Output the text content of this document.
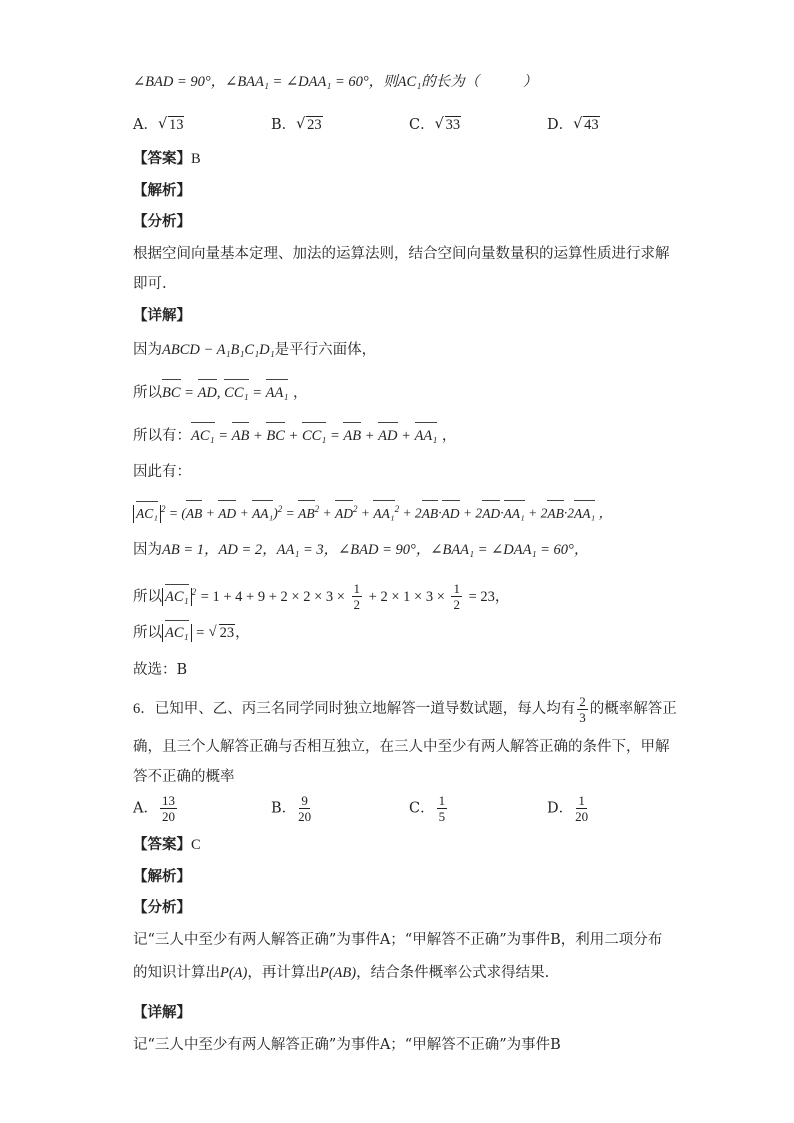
∠BAD = 90°，∠BAA₁ = ∠DAA₁ = 60°，则AC₁的长为（　　　）
A． √ 13	B． √ 23	C． √ 33	D． √ 43
【答案】B
【解析】
【分析】
根据空间向量基本定理、加法的运算法则，结合空间向量数量积的运算性质进行求解
即可.
【详解】
因为ABCD − A₁B₁C₁D₁是平行六面体，
所以BC = AD, CC₁ = AA₁ ，
所以有：AC₁ = AB + BC + CC₁ = AB + AD + AA₁ ，
因此有：
AC₁ $^2$ = (AB + AD + $AA_1)^2 = AB^2 + AD^2 + AA_1^2 + 2AB\cdot AD + 2AD\cdot AA_1 + 2AB\cdot 2AA_1$ ，
因为AB = 1，AD = 2，AA₁ = 3，∠BAD = 90°，∠BAA₁ = ∠DAA₁ = 60°，
所以 AC₁ $^2 = 1 + 4 + 9 + 2 \times 2 \times 3 \times \frac{1}{2} + 2 \times 1 \times 3 \times \frac{1}{2} = 23$，
所以 AC₁ = √ 23，
故选：B
6．已知甲、乙、丙三名同学同时独立地解答一道导数试题，每人均有 $\frac{2}{3}$ 的概率解答正
确，且三个人解答正确与否相互独立，在三人中至少有两人解答正确的条件下，甲解
答不正确的概率
A． $\frac{13}{20}$	B． $\frac{9}{20}$	C． $\frac{1}{5}$	D． $\frac{1}{20}$
【答案】C
【解析】
【分析】
记“三人中至少有两人解答正确”为事件A；“甲解答不正确”为事件B，利用二项分布
的知识计算出P(A)，再计算出P(AB)，结合条件概率公式求得结果.
【详解】
记“三人中至少有两人解答正确”为事件A；“甲解答不正确”为事件B
